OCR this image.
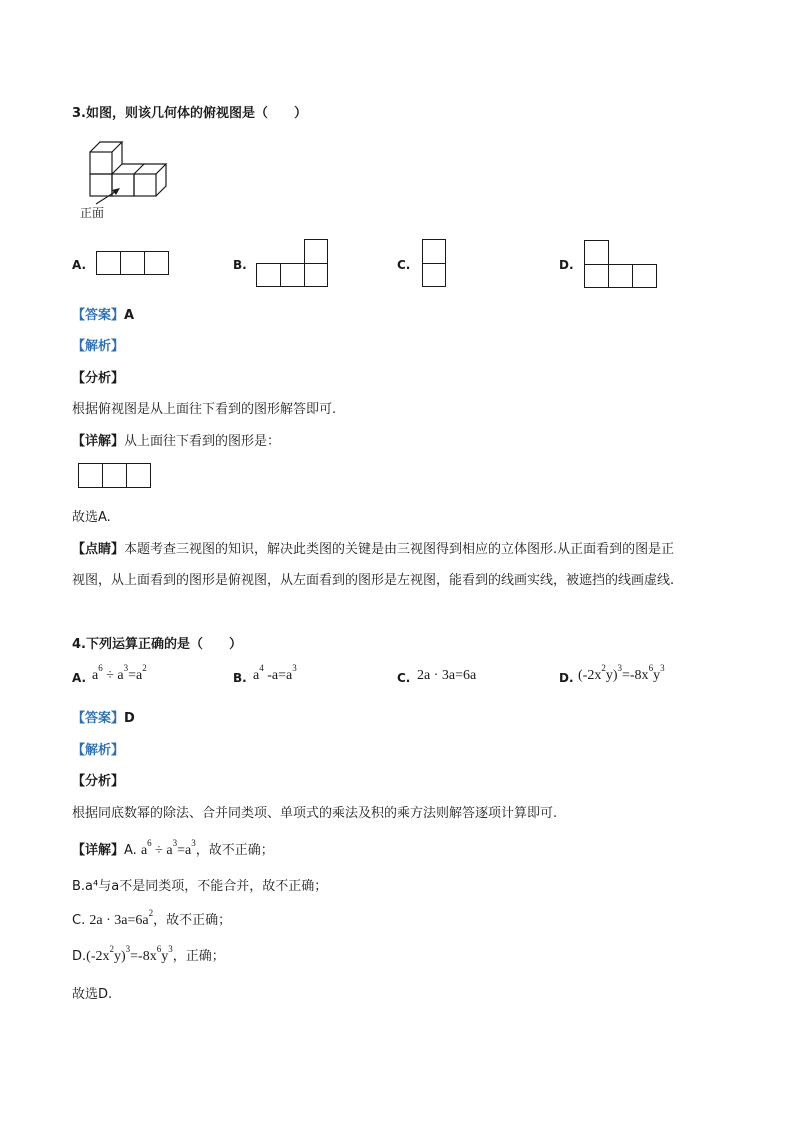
3.如图，则该几何体的俯视图是（　　）
正面
A.	B.	C.	D.
【答案】A
【解析】
【分析】
根据俯视图是从上面往下看到的图形解答即可.
【详解】从上面往下看到的图形是：
故选A.
【点睛】本题考查三视图的知识，解决此类图的关键是由三视图得到相应的立体图形.从正面看到的图是正
视图，从上面看到的图形是俯视图，从左面看到的图形是左视图，能看到的线画实线，被遮挡的线画虚线.
4.下列运算正确的是（　　）
A. $a^6 \div a^3=a^2$
B. $a^4$ $-a=a^3$
C. 2a · 3a=6a	D. $(-2x^2y)^3=-8x^6y^3$
【答案】D
【解析】
【分析】
根据同底数幂的除法、合并同类项、单项式的乘法及积的乘方法则解答逐项计算即可.
【详解】A. $a^6 \div a^3=a^3$，故不正确；
B.a⁴与a不是同类项，不能合并，故不正确；
C. $2a \cdot 3a=6a^2$，故不正确；
$D.(-2x^2y)^3=-8x^6y^3$，正确；
故选D.
